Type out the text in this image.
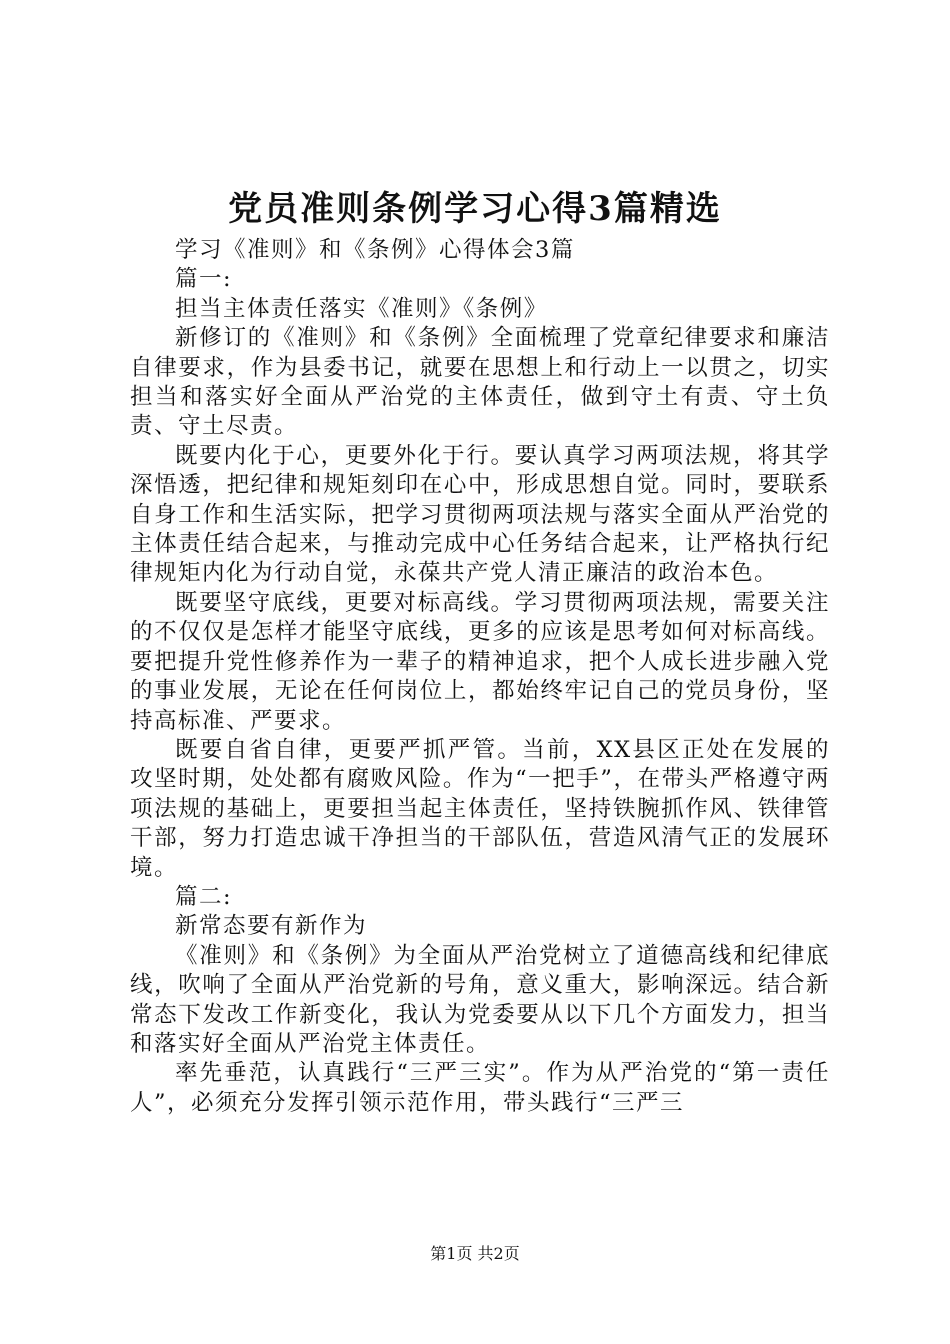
党员准则条例学习心得3篇精选

学习《准则》和《条例》心得体会3篇

篇一:

担当主体责任落实《准则》《条例》

新修订的《准则》和《条例》全面梳理了党章纪律要求和廉洁自律要求，作为县委书记，就要在思想上和行动上一以贯之，切实担当和落实好全面从严治党的主体责任，做到守土有责、守土负责、守土尽责。

既要内化于心，更要外化于行。要认真学习两项法规，将其学深悟透，把纪律和规矩刻印在心中，形成思想自觉。同时，要联系自身工作和生活实际，把学习贯彻两项法规与落实全面从严治党的主体责任结合起来，与推动完成中心任务结合起来，让严格执行纪律规矩内化为行动自觉，永葆共产党人清正廉洁的政治本色。

既要坚守底线，更要对标高线。学习贯彻两项法规，需要关注的不仅仅是怎样才能坚守底线，更多的应该是思考如何对标高线。要把提升党性修养作为一辈子的精神追求，把个人成长进步融入党的事业发展，无论在任何岗位上，都始终牢记自己的党员身份，坚持高标准、严要求。

既要自省自律，更要严抓严管。当前，XX县区正处在发展的攻坚时期，处处都有腐败风险。作为“一把手”，在带头严格遵守两项法规的基础上，更要担当起主体责任，坚持铁腕抓作风、铁律管干部，努力打造忠诚干净担当的干部队伍，营造风清气正的发展环境。

篇二:

新常态要有新作为

《准则》和《条例》为全面从严治党树立了道德高线和纪律底线，吹响了全面从严治党新的号角，意义重大，影响深远。结合新常态下发改工作新变化，我认为党委要从以下几个方面发力，担当和落实好全面从严治党主体责任。

率先垂范，认真践行“三严三实”。作为从严治党的“第一责任人”，必须充分发挥引领示范作用，带头践行“三严三

第1页 共2页
